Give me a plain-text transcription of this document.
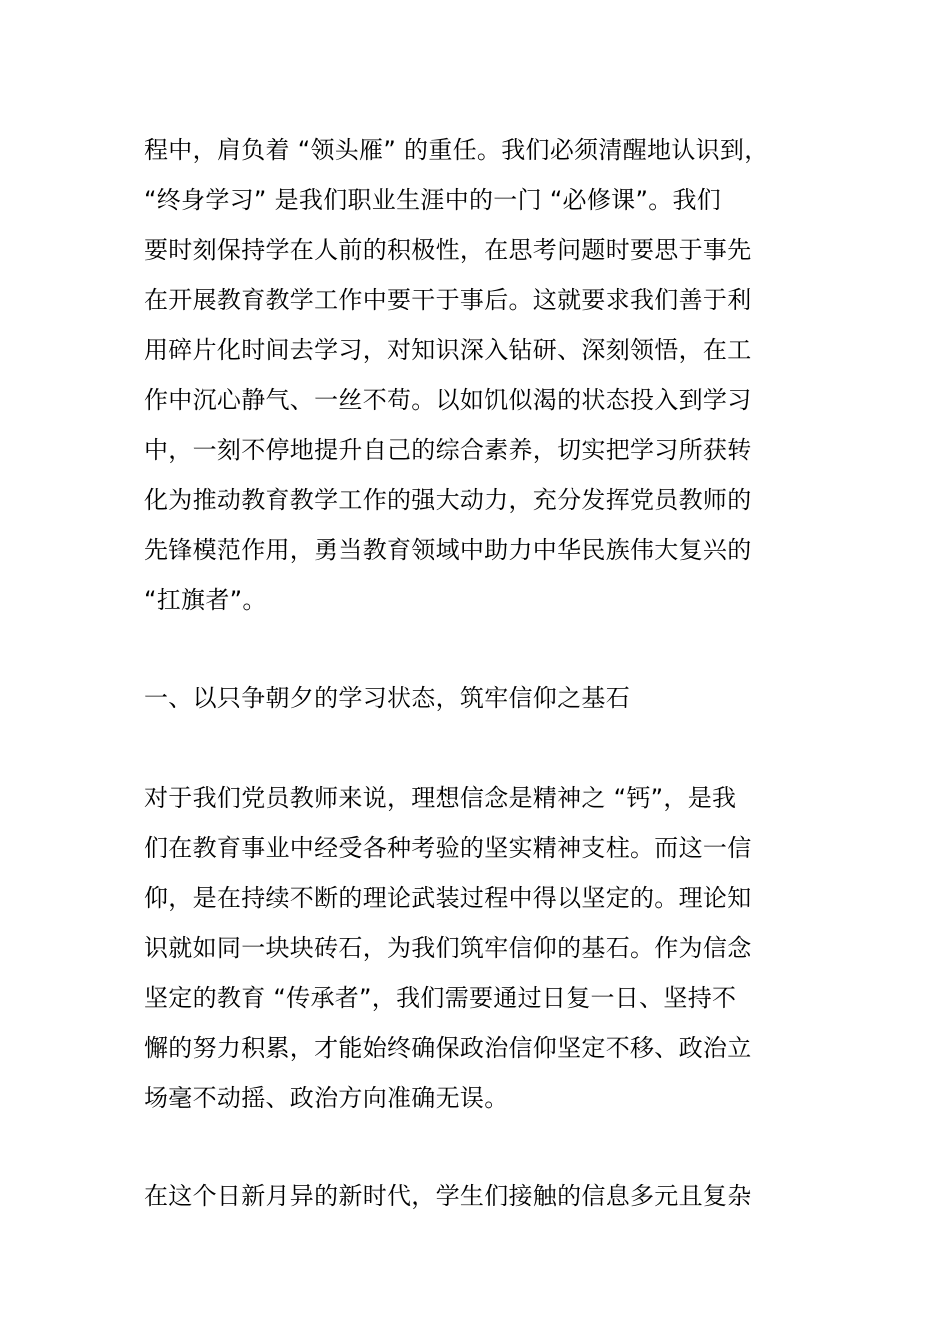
程中，肩负着 “领头雁” 的重任。我们必须清醒地认识到，
“终身学习” 是我们职业生涯中的一门 “必修课”。我们
要时刻保持学在人前的积极性，在思考问题时要思于事先
在开展教育教学工作中要干于事后。这就要求我们善于利
用碎片化时间去学习，对知识深入钻研、深刻领悟，在工
作中沉心静气、一丝不苟。以如饥似渴的状态投入到学习
中，一刻不停地提升自己的综合素养，切实把学习所获转
化为推动教育教学工作的强大动力，充分发挥党员教师的
先锋模范作用，勇当教育领域中助力中华民族伟大复兴的
“扛旗者”。
一、以只争朝夕的学习状态，筑牢信仰之基石
对于我们党员教师来说，理想信念是精神之 “钙”，是我
们在教育事业中经受各种考验的坚实精神支柱。而这一信
仰，是在持续不断的理论武装过程中得以坚定的。理论知
识就如同一块块砖石，为我们筑牢信仰的基石。作为信念
坚定的教育 “传承者”，我们需要通过日复一日、坚持不
懈的努力积累，才能始终确保政治信仰坚定不移、政治立
场毫不动摇、政治方向准确无误。
在这个日新月异的新时代，学生们接触的信息多元且复杂
